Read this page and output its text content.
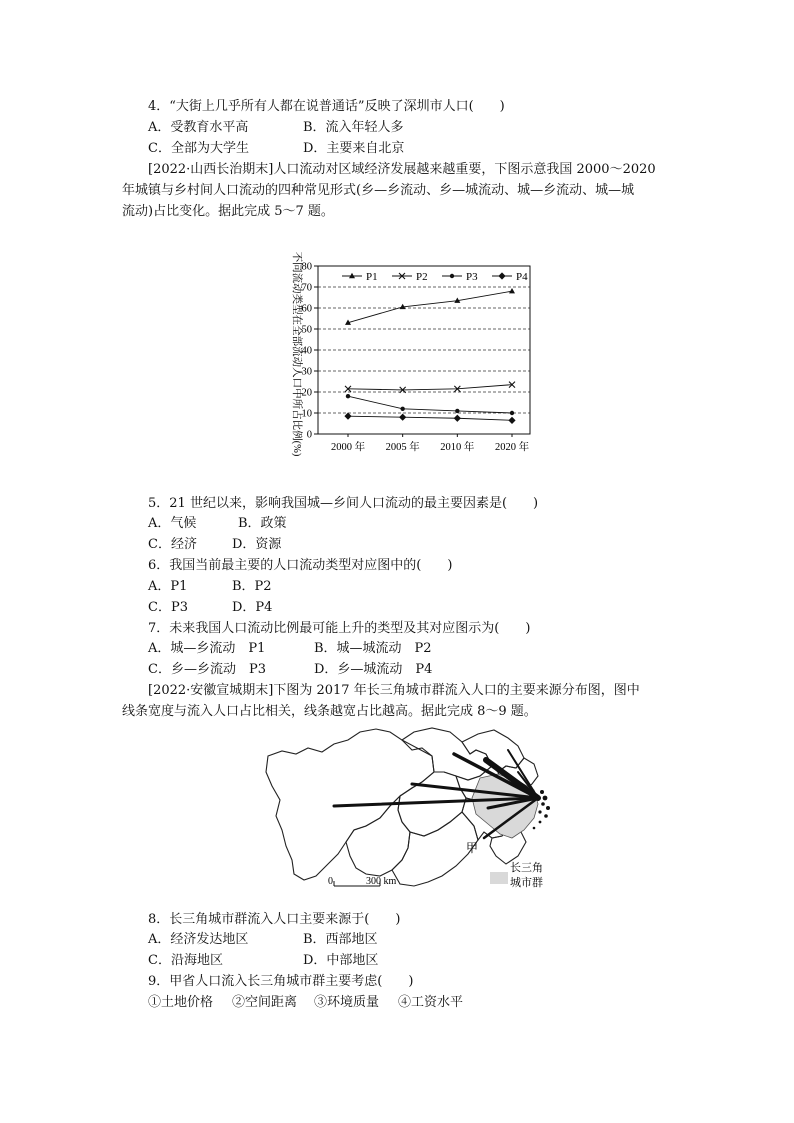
4．“大街上几乎所有人都在说普通话”反映了深圳市人口(　　)
A．受教育水平高	B．流入年轻人多
C．全部为大学生	D．主要来自北京
[2022·山西长治期末]人口流动对区域经济发展越来越重要，下图示意我国 2000～2020
年城镇与乡村间人口流动的四种常见形式(乡—乡流动、乡—城流动、城—乡流动、城—城
流动)占比变化。据此完成 5～7 题。
不同流动类型在全部流动人口中所占比例(%) 0
10
20
30
40
50
60
70
80
2000 年 2005 年 2010 年 2020 年
P1	P2	P3	P4
5．21 世纪以来，影响我国城—乡间人口流动的最主要因素是(　　)
A．气候	B．政策
C．经济	D．资源
6．我国当前最主要的人口流动类型对应图中的(　　)
A．P1	B．P2
C．P3	D．P4
7．未来我国人口流动比例最可能上升的类型及其对应图示为(　　)
A．城—乡流动　P1	B．城—城流动　P2
C．乡—乡流动　P3	D．乡—城流动　P4
[2022·安徽宣城期末]下图为 2017 年长三角城市群流入人口的主要来源分布图，图中
线条宽度与流入人口占比相关，线条越宽占比越高。据此完成 8～9 题。
甲
0	300 km
长三角
城市群
8．长三角城市群流入人口主要来源于(　　)
A．经济发达地区	B．西部地区
C．沿海地区	D．中部地区
9．甲省人口流入长三角城市群主要考虑(　　)
①土地价格 ②空间距离 ③环境质量 ④工资水平
